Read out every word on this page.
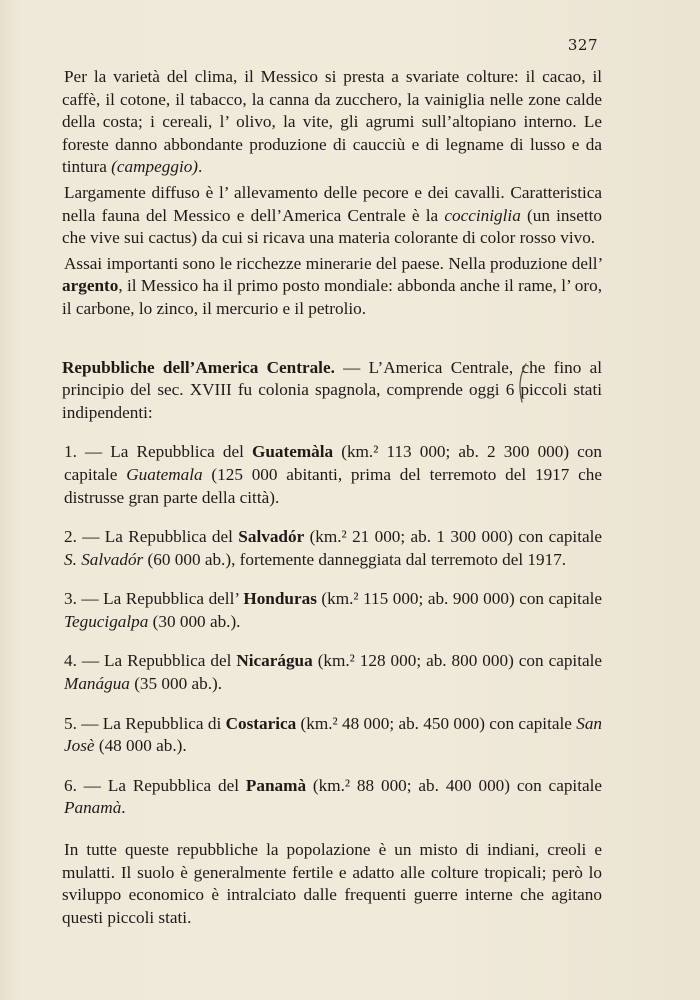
327

Per la varietà del clima, il Messico si presta a svariate colture: il cacao, il caffè, il cotone, il tabacco, la canna da zucchero, la vainiglia nelle zone calde della costa; i cereali, l’ olivo, la vite, gli agrumi sull’altopiano interno. Le foreste danno abbondante produzione di caucciù e di legname di lusso e da tintura (campeggio).

Largamente diffuso è l’ allevamento delle pecore e dei cavalli. Caratteristica nella fauna del Messico e dell’America Centrale è la cocciniglia (un insetto che vive sui cactus) da cui si ricava una materia colorante di color rosso vivo.

Assai importanti sono le ricchezze minerarie del paese. Nella produzione dell’ argento, il Messico ha il primo posto mondiale: abbonda anche il rame, l’ oro, il carbone, lo zinco, il mercurio e il petrolio.

Repubbliche dell’America Centrale. — L’America Centrale, che fino al principio del sec. XVIII fu colonia spagnola, comprende oggi 6 piccoli stati indipendenti:

1. — La Repubblica del Guatemàla (km.² 113 000; ab. 2 300 000) con capitale Guatemala (125 000 abitanti, prima del terremoto del 1917 che distrusse gran parte della città).

2. — La Repubblica del Salvadór (km.² 21 000; ab. 1 300 000) con capitale S. Salvadór (60 000 ab.), fortemente danneggiata dal terremoto del 1917.

3. — La Repubblica dell’ Honduras (km.² 115 000; ab. 900 000) con capitale Tegucigalpa (30 000 ab.).

4. — La Repubblica del Nicarágua (km.² 128 000; ab. 800 000) con capitale Manágua (35 000 ab.).

5. — La Repubblica di Costarica (km.² 48 000; ab. 450 000) con capitale San Josè (48 000 ab.).

6. — La Repubblica del Panamà (km.² 88 000; ab. 400 000) con capitale Panamà.

In tutte queste repubbliche la popolazione è un misto di indiani, creoli e mulatti. Il suolo è generalmente fertile e adatto alle colture tropicali; però lo sviluppo economico è intralciato dalle frequenti guerre interne che agitano questi piccoli stati.
